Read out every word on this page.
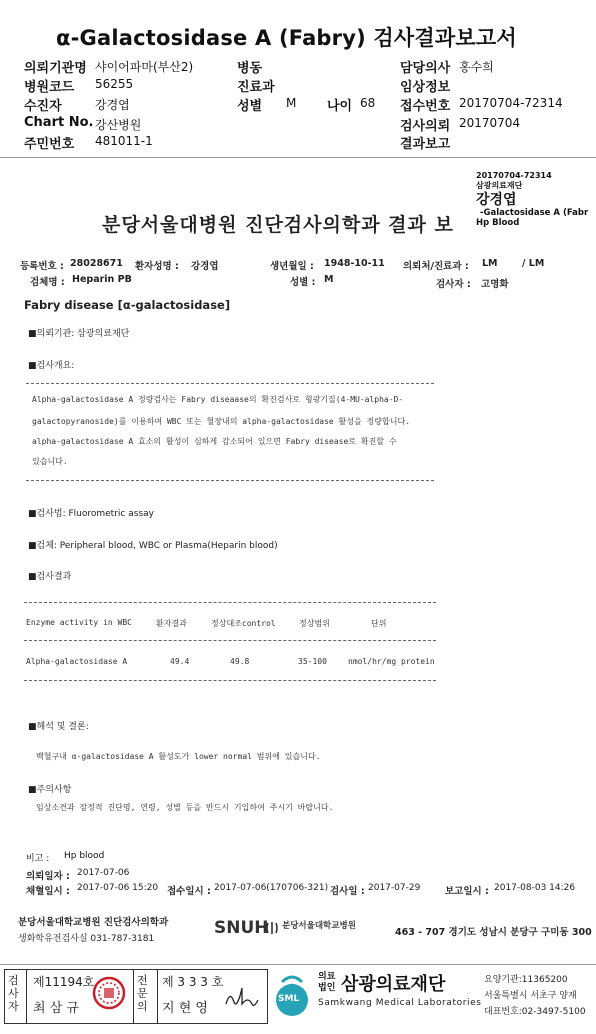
α-Galactosidase A (Fabry) 검사결과보고서
의뢰기관명 샤이어파마(부산2)
병원코드 56255
수진자	강경엽
Chart No. 강산병원
주민번호 481011-1
병동
진료과
성별 M 나이 68
담당의사 홍수희
임상정보
접수번호 20170704-72314
검사의뢰 20170704
결과보고
20170704-72314
삼광의료재단
강경엽
-Galactosidase A (Fabr
Hp Blood
분당서울대병원 진단검사의학과 결과 보
등록번호 : 28028671 환자성명 : 강경엽	생년월일 : 1948-10-11 의뢰처/진료과 : LM	/ LM
검체명 : Heparin PB	성별 : M	검사자 : 고명화
Fabry disease [α-galactosidase]
■의뢰기관: 삼광의료재단
■검사개요:
Alpha-galactosidase A 정량검사는 Fabry diseaase의 확진검사로 형광기질(4-MU-alpha-D-
galactopyranoside)를 이용하여 WBC 또는 혈장내의 alpha-galactosidase 활성을 정량합니다.
alpha-galactosidase A 효소의 활성이 심하게 감소되어 있으면 Fabry disease로 확진할 수
있습니다.
■검사법: Fluorometric assay
■검체: Peripheral blood, WBC or Plasma(Heparin blood)
■검사결과
Enzyme activity in WBC	환자결과	정상대조control	정상범위	단위
Alpha-galactosidase A	49.4	49.8	35-100	nmol/hr/mg protein
■해석 및 결론:
백혈구내 α-galactosidase A 활성도가 lower normal 범위에 있습니다.
■주의사항
임상소견과 잠정적 진단명, 연령, 성별 등을 반드시 기입하여 주시기 바랍니다.
비고 : Hp blood
의뢰일자 : 2017-07-06
채혈일시 : 2017-07-06 15:20 접수일시 : 2017-07-06(170706-321) 검사일 : 2017-07-29	보고일시 : 2017-08-03 14:26
분당서울대학교병원 진단검사의학과
생화학유전검사실 031-787-3181
SNUH 분당서울대학교병원
463 - 707 경기도 성남시 분당구 구미동 300
검사자
제11194호
최 삼 규
전문의
제 3 3 3 호
지 현 영
SML
의료법인 삼광의료재단
Samkwang Medical Laboratories
요양기관:11365200
서울특별시 서초구 양재
대표번호:02-3497-5100
